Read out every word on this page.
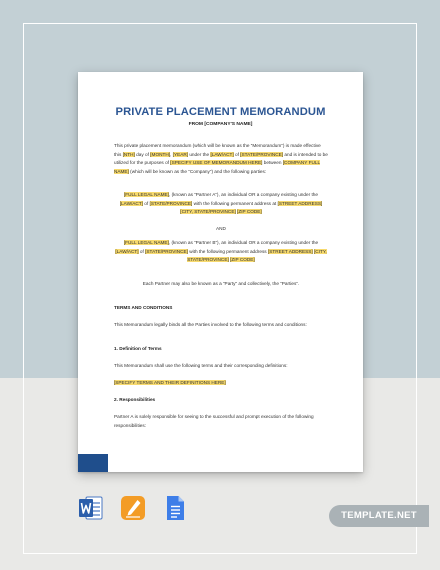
PRIVATE PLACEMENT MEMORANDUM
FROM [COMPANY'S NAME]
This private placement memorandum (which will be known as the “Memorandum”) is made effective this [NTH] day of [MONTH], [YEAR] under the [LAW/ACT] of [STATE/PROVINCE] and is intended to be utilized for the purposes of [SPECIFY USE OF MEMORANDUM HERE] between [COMPANY FULL NAME] (which will be known as the “Company”) and the following parties:
[FULL LEGAL NAME], (known as “Partner A”), an individual OR a company existing under the [LAW/ACT] of [STATE/PROVINCE] with the following permanent address at [STREET ADDRESS] [CITY, STATE/PROVINCE] [ZIP CODE]
AND
[FULL LEGAL NAME], (known as “Partner B”), an individual OR a company existing under the [LAW/ACT] of [STATE/PROVINCE] with the following permanent address [STREET ADDRESS] [CITY, STATE/PROVINCE] [ZIP CODE]
Each Partner may also be known as a “Party” and collectively, the “Parties”.
TERMS AND CONDITIONS
This Memorandum legally binds all the Parties involved to the following terms and conditions:
1. Definition of Terms
This Memorandum shall use the following terms and their corresponding definitions:
[SPECIFY TERMS AND THEIR DEFINITIONS HERE]
2. Responsibilities
Partner A is solely responsible for seeing to the successful and prompt execution of the following responsibilities:
TEMPLATE.NET
